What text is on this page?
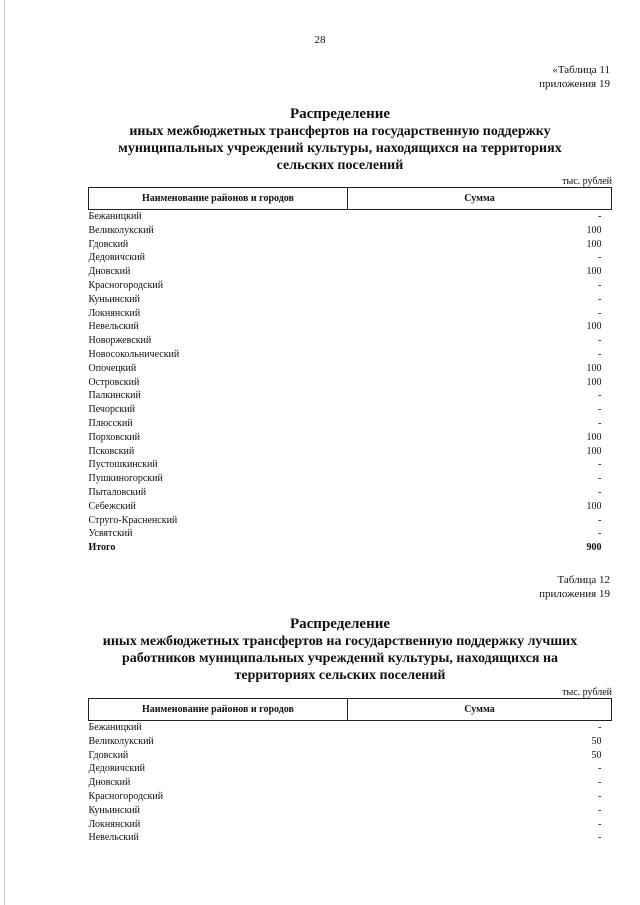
28
«Таблица 11
приложения 19
Распределение
иных межбюджетных трансфертов на государственную поддержку
муниципальных учреждений культуры, находящихся на территориях
сельских поселений
тыс. рублей
Наименование районов и городов	Сумма
Бежаницкий	-
Великолукский	100
Гдовский	100
Дедовичский	-
Дновский	100
Красногородский	-
Куньинский	-
Локнянский	-
Невельский	100
Новоржевский	-
Новосокольнический	-
Опочецкий	100
Островский	100
Палкинский	-
Печорский	-
Плюсский	-
Порховский	100
Псковский	100
Пустошкинский	-
Пушкиногорский	-
Пыталовский	-
Себежский	100
Струго-Красненский	-
Усвятский	-
Итого	900
Таблица 12
приложения 19
Распределение
иных межбюджетных трансфертов на государственную поддержку лучших
работников муниципальных учреждений культуры, находящихся на
территориях сельских поселений
тыс. рублей
Наименование районов и городов	Сумма
Бежаницкий	-
Великолукский	50
Гдовский	50
Дедовичский	-
Дновский	-
Красногородский	-
Куньинский	-
Локнянский	-
Невельский	-
